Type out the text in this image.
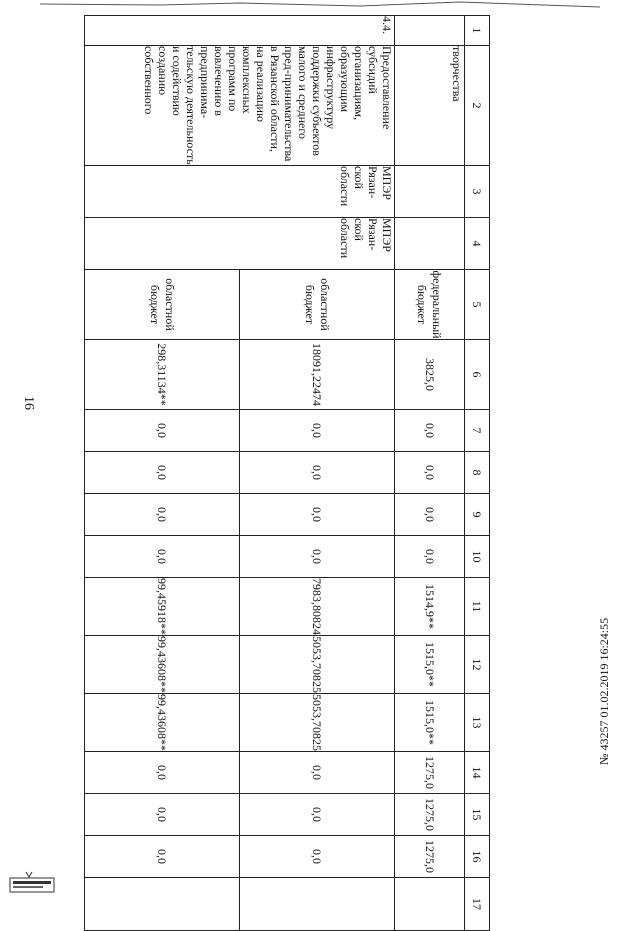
16
1	2	3	4	5	6	7	8	9	10	11	12	13	14	15	16	17
	творчества			федеральный бюджет	3825,0	0,0	0,0	0,0	0,0	1514,9**	1515,0**	1515,0**	1275,0	1275,0	1275,0	
4.4.	Предоставление субсидий организациям, образующим инфраструктуру поддержки субъектов малого и среднего пред-принимательства в Рязанской области, на реализацию комплексных программ по вовлечению в предпринима-тельскую деятельность и содействию созданию собственного	МПЭР Рязан-ской области	МПЭР Рязан-ской области	областной бюджет	18091,22474	0,0	0,0	0,0	0,0	7983,80824	5053,70825	5053,70825	0,0	0,0	0,0	
				областной бюджет	298,31134**	0,0	0,0	0,0	0,0	99,45918**	99,43608**	99,43608**	0,0	0,0	0,0	
№ 43257 01.02.2019 16:24:55
